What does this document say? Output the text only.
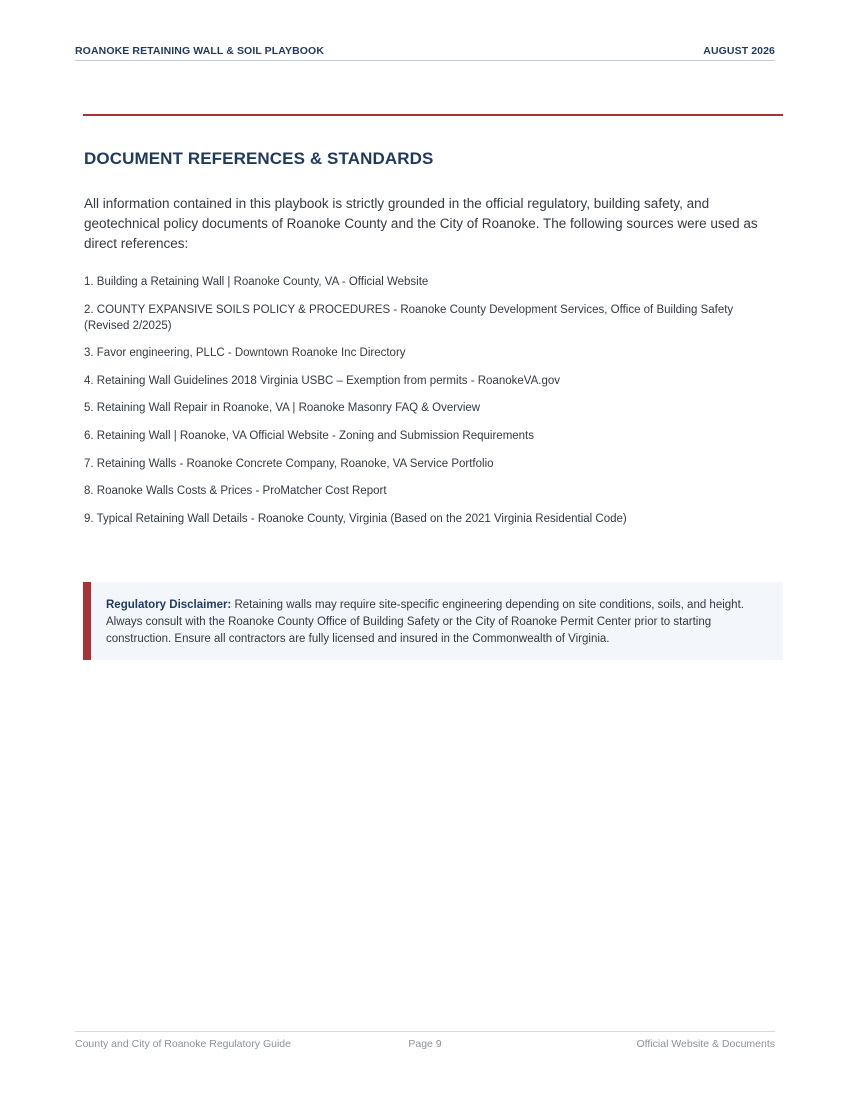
ROANOKE RETAINING WALL & SOIL PLAYBOOK	AUGUST 2026
DOCUMENT REFERENCES & STANDARDS

All information contained in this playbook is strictly grounded in the official regulatory, building safety, and geotechnical policy documents of Roanoke County and the City of Roanoke. The following sources were used as direct references:

1. Building a Retaining Wall | Roanoke County, VA - Official Website
2. COUNTY EXPANSIVE SOILS POLICY & PROCEDURES - Roanoke County Development Services, Office of Building Safety (Revised 2/2025)
3. Favor engineering, PLLC - Downtown Roanoke Inc Directory
4. Retaining Wall Guidelines 2018 Virginia USBC – Exemption from permits - RoanokeVA.gov
5. Retaining Wall Repair in Roanoke, VA | Roanoke Masonry FAQ & Overview
6. Retaining Wall | Roanoke, VA Official Website - Zoning and Submission Requirements
7. Retaining Walls - Roanoke Concrete Company, Roanoke, VA Service Portfolio
8. Roanoke Walls Costs & Prices - ProMatcher Cost Report
9. Typical Retaining Wall Details - Roanoke County, Virginia (Based on the 2021 Virginia Residential Code)

Regulatory Disclaimer: Retaining walls may require site-specific engineering depending on site conditions, soils, and height. Always consult with the Roanoke County Office of Building Safety or the City of Roanoke Permit Center prior to starting construction. Ensure all contractors are fully licensed and insured in the Commonwealth of Virginia.

County and City of Roanoke Regulatory Guide	Page 9	Official Website & Documents
